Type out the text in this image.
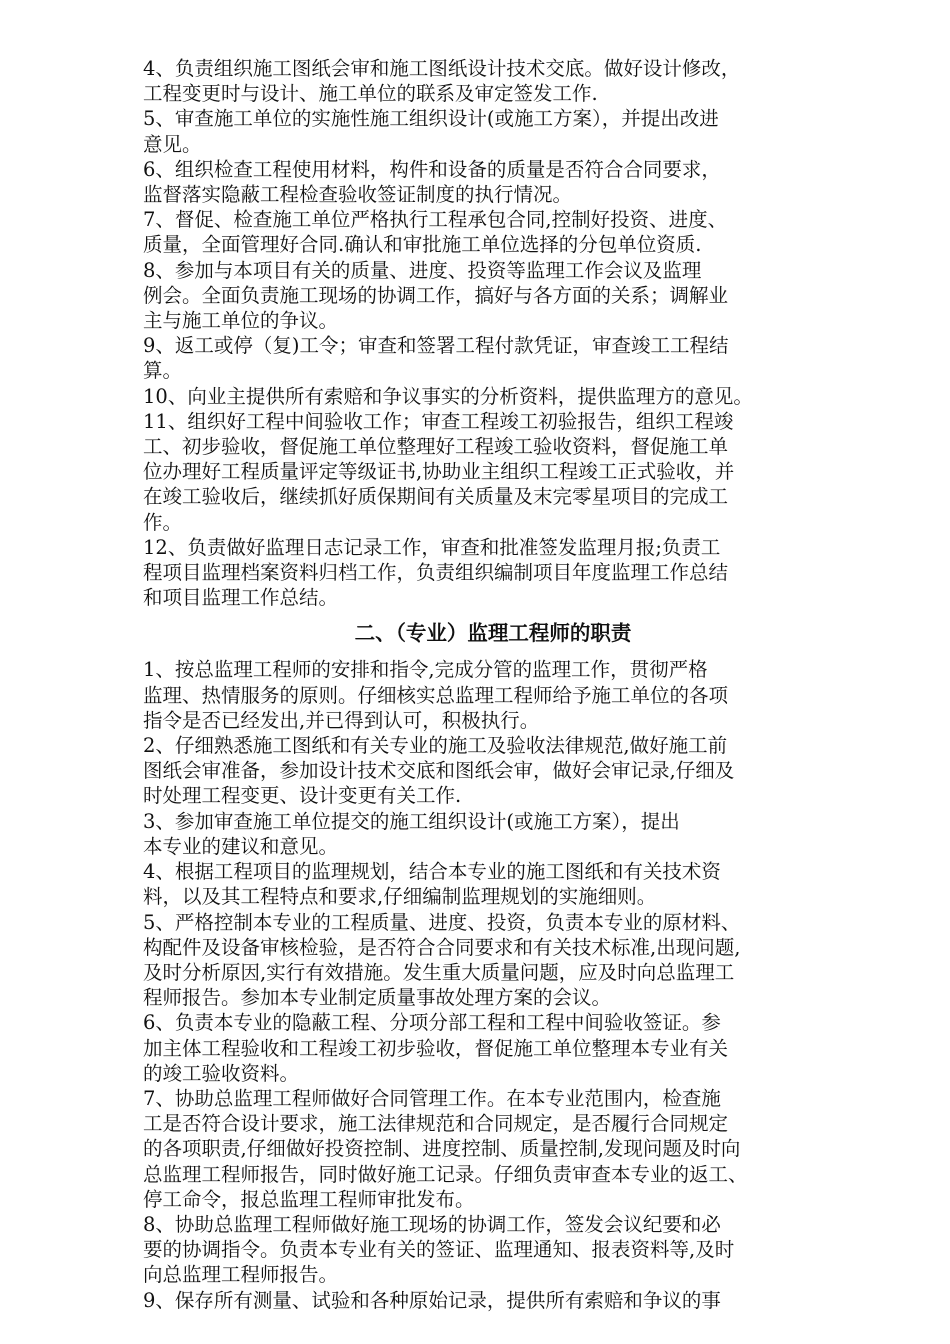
4、负责组织施工图纸会审和施工图纸设计技术交底。做好设计修改，
工程变更时与设计、施工单位的联系及审定签发工作.

5、审查施工单位的实施性施工组织设计(或施工方案），并提出改进
意见。

6、组织检查工程使用材料，构件和设备的质量是否符合合同要求，
监督落实隐蔽工程检查验收签证制度的执行情况。

7、督促、检查施工单位严格执行工程承包合同,控制好投资、进度、
质量，全面管理好合同.确认和审批施工单位选择的分包单位资质.

8、参加与本项目有关的质量、进度、投资等监理工作会议及监理
例会。全面负责施工现场的协调工作，搞好与各方面的关系；调解业
主与施工单位的争议。

9、返工或停（复)工令；审查和签署工程付款凭证，审查竣工工程结
算。

10、向业主提供所有索赔和争议事实的分析资料，提供监理方的意见。

11、组织好工程中间验收工作；审查工程竣工初验报告，组织工程竣
工、初步验收，督促施工单位整理好工程竣工验收资料，督促施工单
位办理好工程质量评定等级证书,协助业主组织工程竣工正式验收，并
在竣工验收后，继续抓好质保期间有关质量及末完零星项目的完成工
作。

12、负责做好监理日志记录工作，审查和批准签发监理月报;负责工
程项目监理档案资料归档工作，负责组织编制项目年度监理工作总结
和项目监理工作总结。

二、（专业）监理工程师的职责

1、按总监理工程师的安排和指令,完成分管的监理工作，贯彻严格
监理、热情服务的原则。仔细核实总监理工程师给予施工单位的各项
指令是否已经发出,并已得到认可，积极执行。

2、仔细熟悉施工图纸和有关专业的施工及验收法律规范,做好施工前
图纸会审准备，参加设计技术交底和图纸会审，做好会审记录,仔细及
时处理工程变更、设计变更有关工作.

3、参加审查施工单位提交的施工组织设计(或施工方案），提出
本专业的建议和意见。

4、根据工程项目的监理规划，结合本专业的施工图纸和有关技术资
料，以及其工程特点和要求,仔细编制监理规划的实施细则。

5、严格控制本专业的工程质量、进度、投资，负责本专业的原材料、
构配件及设备审核检验，是否符合合同要求和有关技术标准,出现问题,
及时分析原因,实行有效措施。发生重大质量问题，应及时向总监理工
程师报告。参加本专业制定质量事故处理方案的会议。

6、负责本专业的隐蔽工程、分项分部工程和工程中间验收签证。参
加主体工程验收和工程竣工初步验收，督促施工单位整理本专业有关
的竣工验收资料。

7、协助总监理工程师做好合同管理工作。在本专业范围内，检查施
工是否符合设计要求，施工法律规范和合同规定，是否履行合同规定
的各项职责,仔细做好投资控制、进度控制、质量控制,发现问题及时向
总监理工程师报告，同时做好施工记录。仔细负责审查本专业的返工、
停工命令，报总监理工程师审批发布。

8、协助总监理工程师做好施工现场的协调工作，签发会议纪要和必
要的协调指令。负责本专业有关的签证、监理通知、报表资料等,及时
向总监理工程师报告。

9、保存所有测量、试验和各种原始记录，提供所有索赔和争议的事
